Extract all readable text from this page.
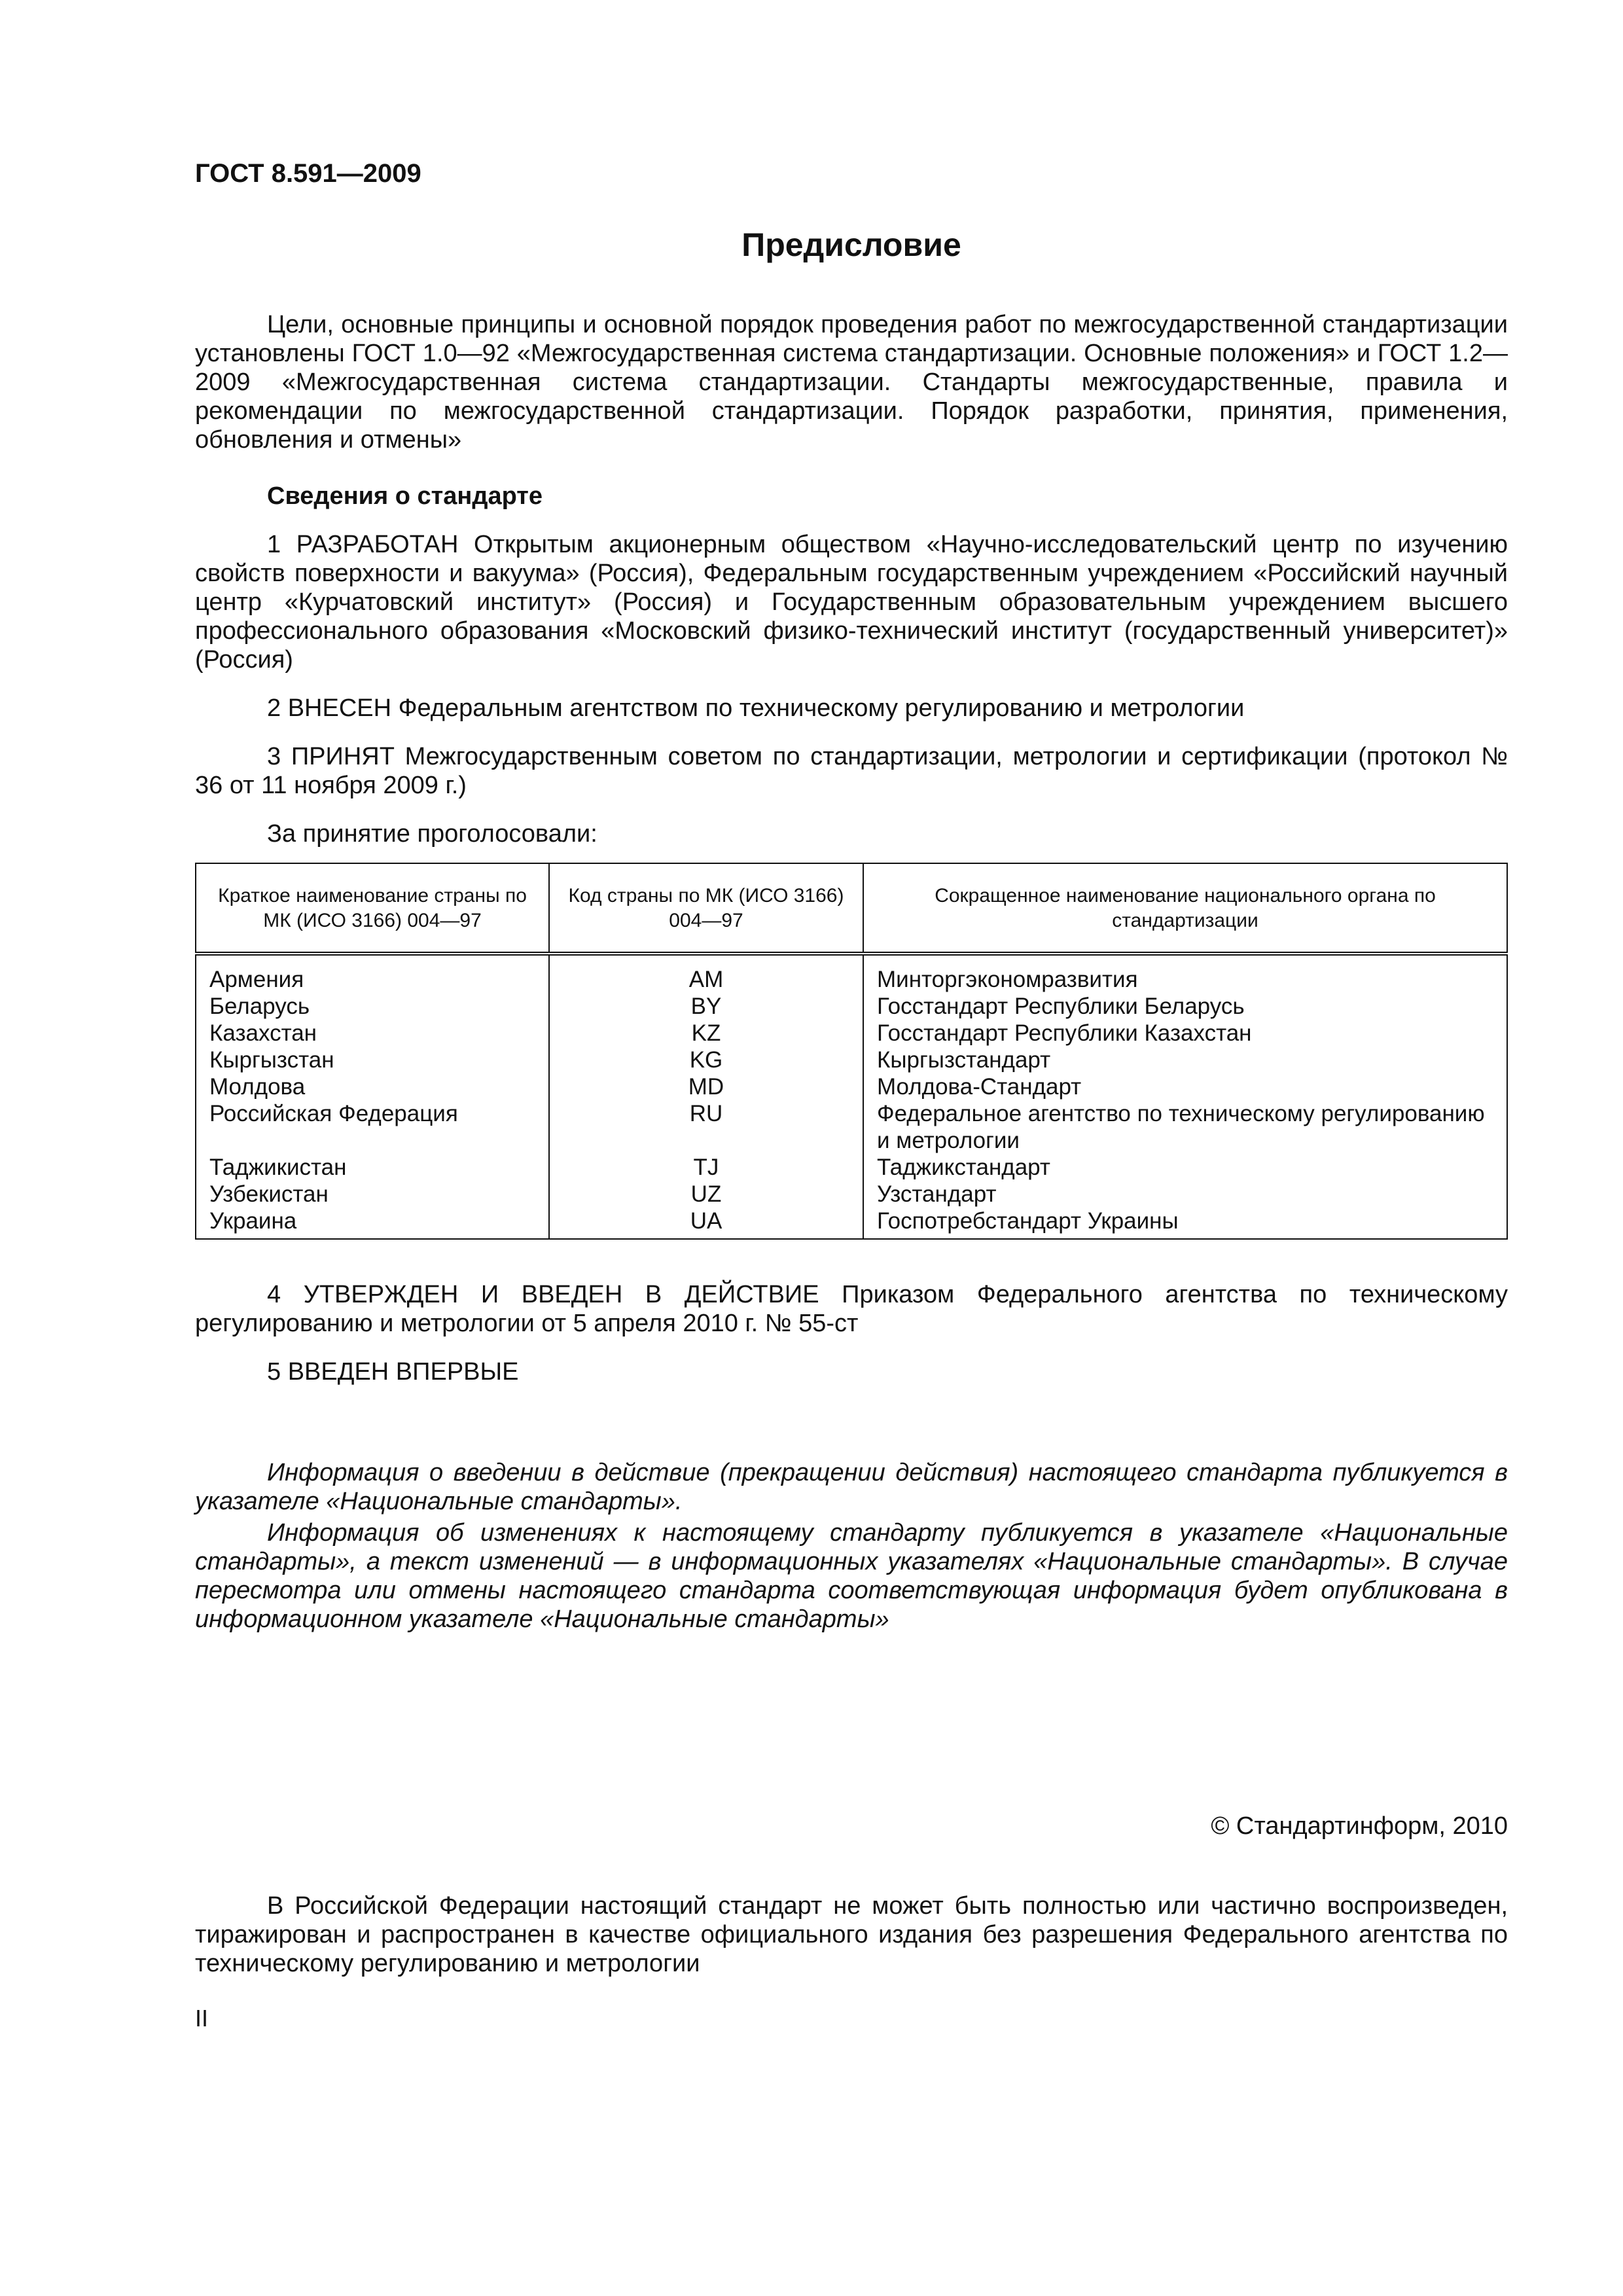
ГОСТ 8.591—2009
Предисловие

Цели, основные принципы и основной порядок проведения работ по межгосударственной стандартизации установлены ГОСТ 1.0—92 «Межгосударственная система стандартизации. Основные положения» и ГОСТ 1.2—2009 «Межгосударственная система стандартизации. Стандарты межгосударственные, правила и рекомендации по межгосударственной стандартизации. Порядок разработки, принятия, применения, обновления и отмены»

Сведения о стандарте

1 РАЗРАБОТАН Открытым акционерным обществом «Научно-исследовательский центр по изучению свойств поверхности и вакуума» (Россия), Федеральным государственным учреждением «Российский научный центр «Курчатовский институт» (Россия) и Государственным образовательным учреждением высшего профессионального образования «Московский физико-технический институт (государственный университет)» (Россия)

2 ВНЕСЕН Федеральным агентством по техническому регулированию и метрологии

3 ПРИНЯТ Межгосударственным советом по стандартизации, метрологии и сертификации (протокол № 36 от 11 ноября 2009 г.)

За принятие проголосовали:

Краткое наименование страны по МК (ИСО 3166) 004—97	Код страны по МК (ИСО 3166) 004—97	Сокращенное наименование национального органа по стандартизации
Армения	AM	Минторгэкономразвития
Беларусь	BY	Госстандарт Республики Беларусь
Казахстан	KZ	Госстандарт Республики Казахстан
Кыргызстан	KG	Кыргызстандарт
Молдова	MD	Молдова-Стандарт
Российская Федерация	RU	Федеральное агентство по техническому регулированию и метрологии
Таджикистан	TJ	Таджикстандарт
Узбекистан	UZ	Узстандарт
Украина	UA	Госпотребстандарт Украины

4 УТВЕРЖДЕН И ВВЕДЕН В ДЕЙСТВИЕ Приказом Федерального агентства по техническому регулированию и метрологии от 5 апреля 2010 г. № 55-ст

5 ВВЕДЕН ВПЕРВЫЕ

Информация о введении в действие (прекращении действия) настоящего стандарта публикуется в указателе «Национальные стандарты».

Информация об изменениях к настоящему стандарту публикуется в указателе «Национальные стандарты», а текст изменений — в информационных указателях «Национальные стандарты». В случае пересмотра или отмены настоящего стандарта соответствующая информация будет опубликована в информационном указателе «Национальные стандарты»

© Стандартинформ, 2010

В Российской Федерации настоящий стандарт не может быть полностью или частично воспроизведен, тиражирован и распространен в качестве официального издания без разрешения Федерального агентства по техническому регулированию и метрологии

II
